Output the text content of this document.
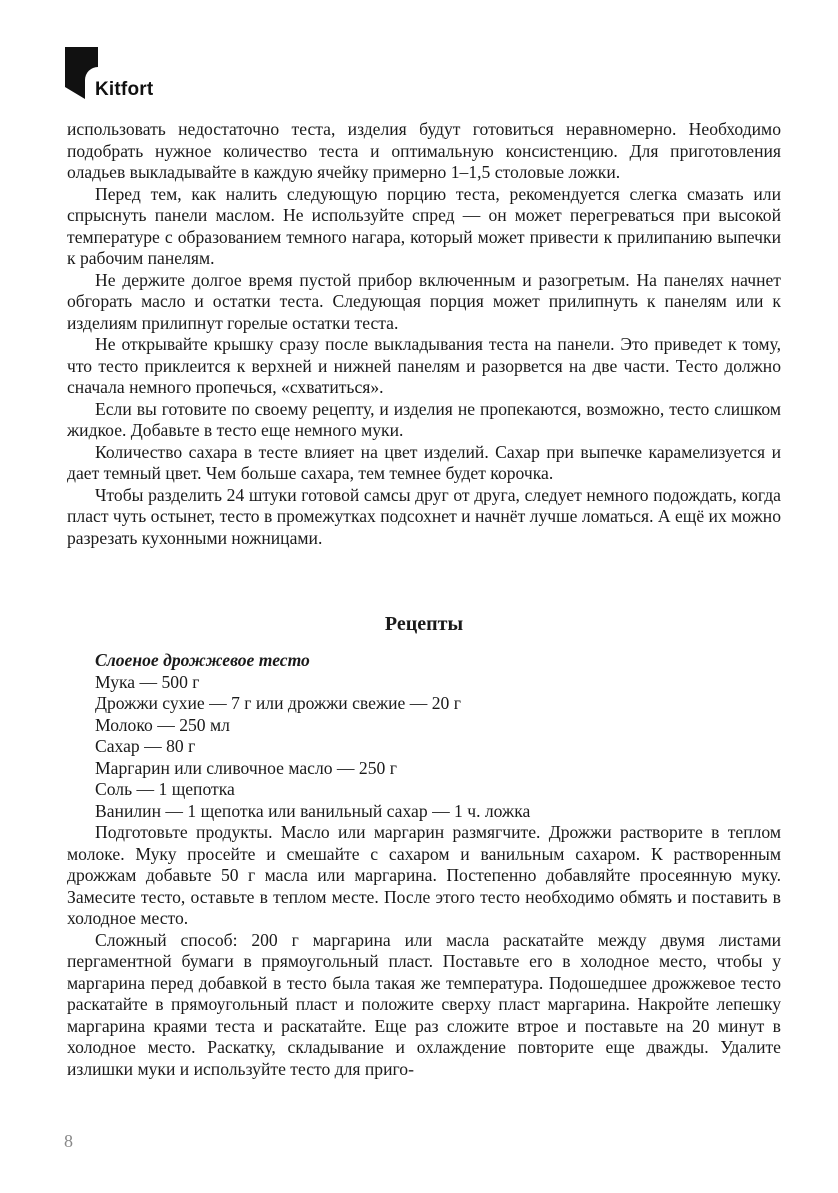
Kitfort

использовать недостаточно теста, изделия будут готовиться неравномерно. Необходимо подобрать нужное количество теста и оптимальную консистенцию. Для приготовления оладьев выкладывайте в каждую ячейку примерно 1–1,5 столовые ложки.

Перед тем, как налить следующую порцию теста, рекомендуется слегка смазать или спрыснуть панели маслом. Не используйте спред — он может перегреваться при высокой температуре с образованием темного нагара, который может привести к прилипанию выпечки к рабочим панелям.

Не держите долгое время пустой прибор включенным и разогретым. На панелях начнет обгорать масло и остатки теста. Следующая порция может прилипнуть к панелям или к изделиям прилипнут горелые остатки теста.

Не открывайте крышку сразу после выкладывания теста на панели. Это приведет к тому, что тесто приклеится к верхней и нижней панелям и разорвется на две части. Тесто должно сначала немного пропечься, «схватиться».

Если вы готовите по своему рецепту, и изделия не пропекаются, возможно, тесто слишком жидкое. Добавьте в тесто еще немного муки.

Количество сахара в тесте влияет на цвет изделий. Сахар при выпечке карамелизуется и дает темный цвет. Чем больше сахара, тем темнее будет корочка.

Чтобы разделить 24 штуки готовой самсы друг от друга, следует немного подождать, когда пласт чуть остынет, тесто в промежутках подсохнет и начнёт лучше ломаться. А ещё их можно разрезать кухонными ножницами.

Рецепты

Слоеное дрожжевое тесто

Мука — 500 г
Дрожжи сухие — 7 г или дрожжи свежие — 20 г
Молоко — 250 мл
Сахар — 80 г
Маргарин или сливочное масло — 250 г
Соль — 1 щепотка
Ванилин — 1 щепотка или ванильный сахар — 1 ч. ложка

Подготовьте продукты. Масло или маргарин размягчите. Дрожжи растворите в теплом молоке. Муку просейте и смешайте с сахаром и ванильным сахаром. К растворенным дрожжам добавьте 50 г масла или маргарина. Постепенно добавляйте просеянную муку. Замесите тесто, оставьте в теплом месте. После этого тесто необходимо обмять и поставить в холодное место.

Сложный способ: 200 г маргарина или масла раскатайте между двумя листами пергаментной бумаги в прямоугольный пласт. Поставьте его в холодное место, чтобы у маргарина перед добавкой в тесто была такая же температура. Подошедшее дрожжевое тесто раскатайте в прямоугольный пласт и положите сверху пласт маргарина. Накройте лепешку маргарина краями теста и раскатайте. Еще раз сложите втрое и поставьте на 20 минут в холодное место. Раскатку, складывание и охлаждение повторите еще дважды. Удалите излишки муки и используйте тесто для приго-

8
